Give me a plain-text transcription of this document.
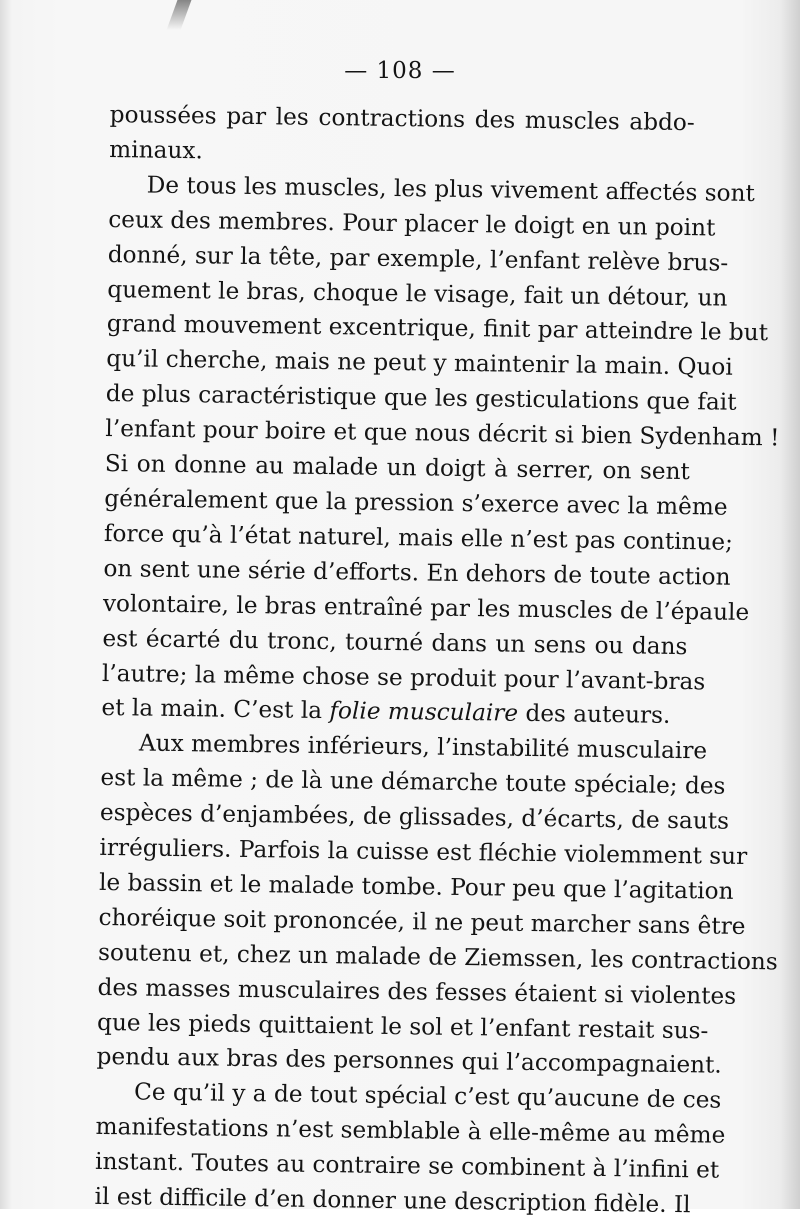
— 108 —
poussées par les contractions des muscles abdo-
minaux.
De tous les muscles, les plus vivement affectés sont
ceux des membres. Pour placer le doigt en un point
donné, sur la tête, par exemple, l’enfant relève brus-
quement le bras, choque le visage, fait un détour, un
grand mouvement excentrique, finit par atteindre le but
qu’il cherche, mais ne peut y maintenir la main. Quoi
de plus caractéristique que les gesticulations que fait
l’enfant pour boire et que nous décrit si bien Sydenham !
Si on donne au malade un doigt à serrer, on sent
généralement que la pression s’exerce avec la même
force qu’à l’état naturel, mais elle n’est pas continue;
on sent une série d’efforts. En dehors de toute action
volontaire, le bras entraîné par les muscles de l’épaule
est écarté du tronc, tourné dans un sens ou dans
l’autre; la même chose se produit pour l’avant-bras
et la main. C’est la folie musculaire des auteurs.
Aux membres inférieurs, l’instabilité musculaire
est la même ; de là une démarche toute spéciale; des
espèces d’enjambées, de glissades, d’écarts, de sauts
irréguliers. Parfois la cuisse est fléchie violemment sur
le bassin et le malade tombe. Pour peu que l’agitation
choréique soit prononcée, il ne peut marcher sans être
soutenu et, chez un malade de Ziemssen, les contractions
des masses musculaires des fesses étaient si violentes
que les pieds quittaient le sol et l’enfant restait sus-
pendu aux bras des personnes qui l’accompagnaient.
Ce qu’il y a de tout spécial c’est qu’aucune de ces
manifestations n’est semblable à elle-même au même
instant. Toutes au contraire se combinent à l’infini et
il est difficile d’en donner une description fidèle. Il
